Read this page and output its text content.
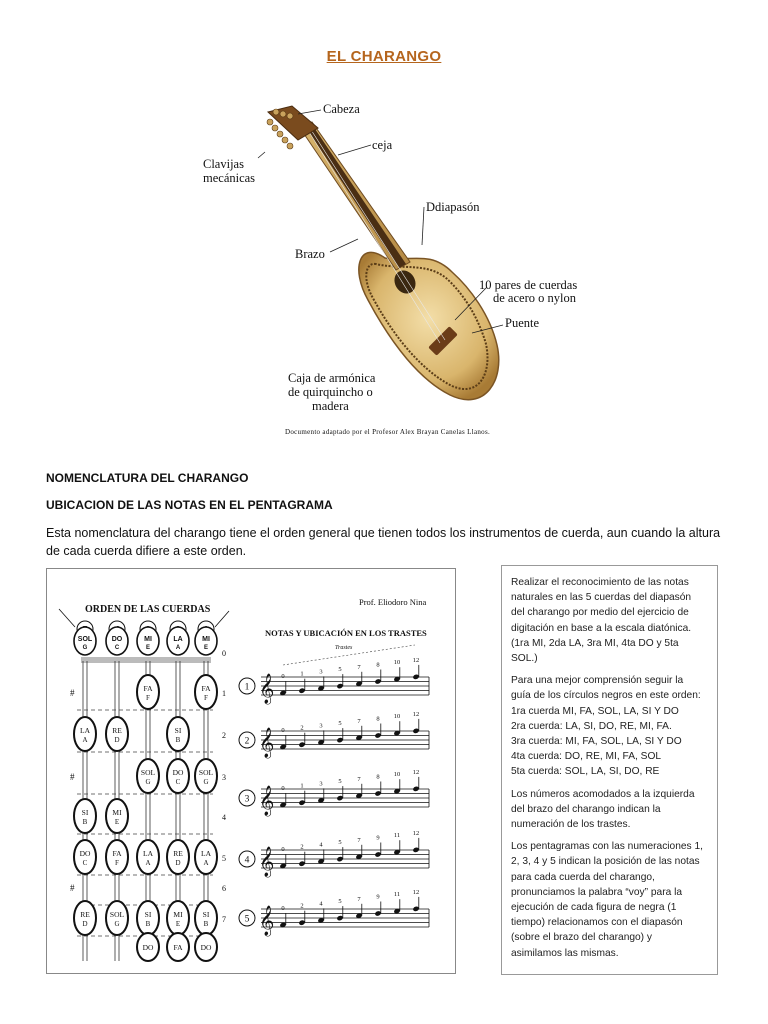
EL CHARANGO
Cabeza
ceja
Clavijas
mecánicas
Ddiapasón
Brazo
10 pares de cuerdas
de acero o nylon
Puente
Caja de armónica
de quirquincho o
madera
Documento adaptado por el Profesor Alex Brayan Canelas Llanos.
NOMENCLATURA DEL CHARANGO
UBICACION DE LAS NOTAS EN EL PENTAGRAMA
Esta nomenclatura del charango tiene el orden general que tienen todos los instrumentos de cuerda, aun cuando la altura de cada cuerda difiere a este orden.
Prof. Eliodoro Nina
ORDEN DE LAS CUERDAS
NOTAS Y UBICACIÓN EN LOS TRASTES
SOL
G
DO
C
MI
E
LA
A
MI
E
0
1
2
3
4
5
6
7
#
#
#
FA
F
FA
F
LA
A
RE
D
SI
B
SOL
G
DO
C
SOL
G
SI
B
MI
E
DO
C
FA
F
LA
A
RE
D
LA
A
RE
D
SOL
G
SI
B
MI
E
SI
B
DO	FA DO
1 𝄞 0 1 3 5 7 8 10 12
2 𝄞 0 2 3 5 7 8 10 12
3 𝄞 0 1 3 5 7 8 10 12
4 𝄞 0 2 4 5 7 9 11 12
5 𝄞 0 2 4 5 7 9 11 12
Trastes

Realizar el reconocimiento de las notas
naturales en las 5 cuerdas del diapasón
del charango por medio del ejercicio de
digitación en base a la escala diatónica.
(1ra MI, 2da LA, 3ra MI, 4ta DO y 5ta SOL.)

Para una mejor comprensión seguir la
guía de los círculos negros en este orden:
1ra cuerda MI, FA, SOL, LA, SI Y DO
2ra cuerda: LA, SI, DO, RE, MI, FA.
3ra cuerda: MI, FA, SOL, LA, SI Y DO
4ta cuerda: DO, RE, MI, FA, SOL
5ta cuerda: SOL, LA, SI, DO, RE

Los números acomodados a la izquierda
del brazo del charango indican la
numeración de los trastes.

Los pentagramas con las numeraciones 1,
2, 3, 4 y 5 indican la posición de las notas
para cada cuerda del charango,
pronunciamos la palabra “voy” para la
ejecución de cada figura de negra (1
tiempo) relacionamos con el diapasón
(sobre el brazo del charango) y
asimilamos las mismas.
